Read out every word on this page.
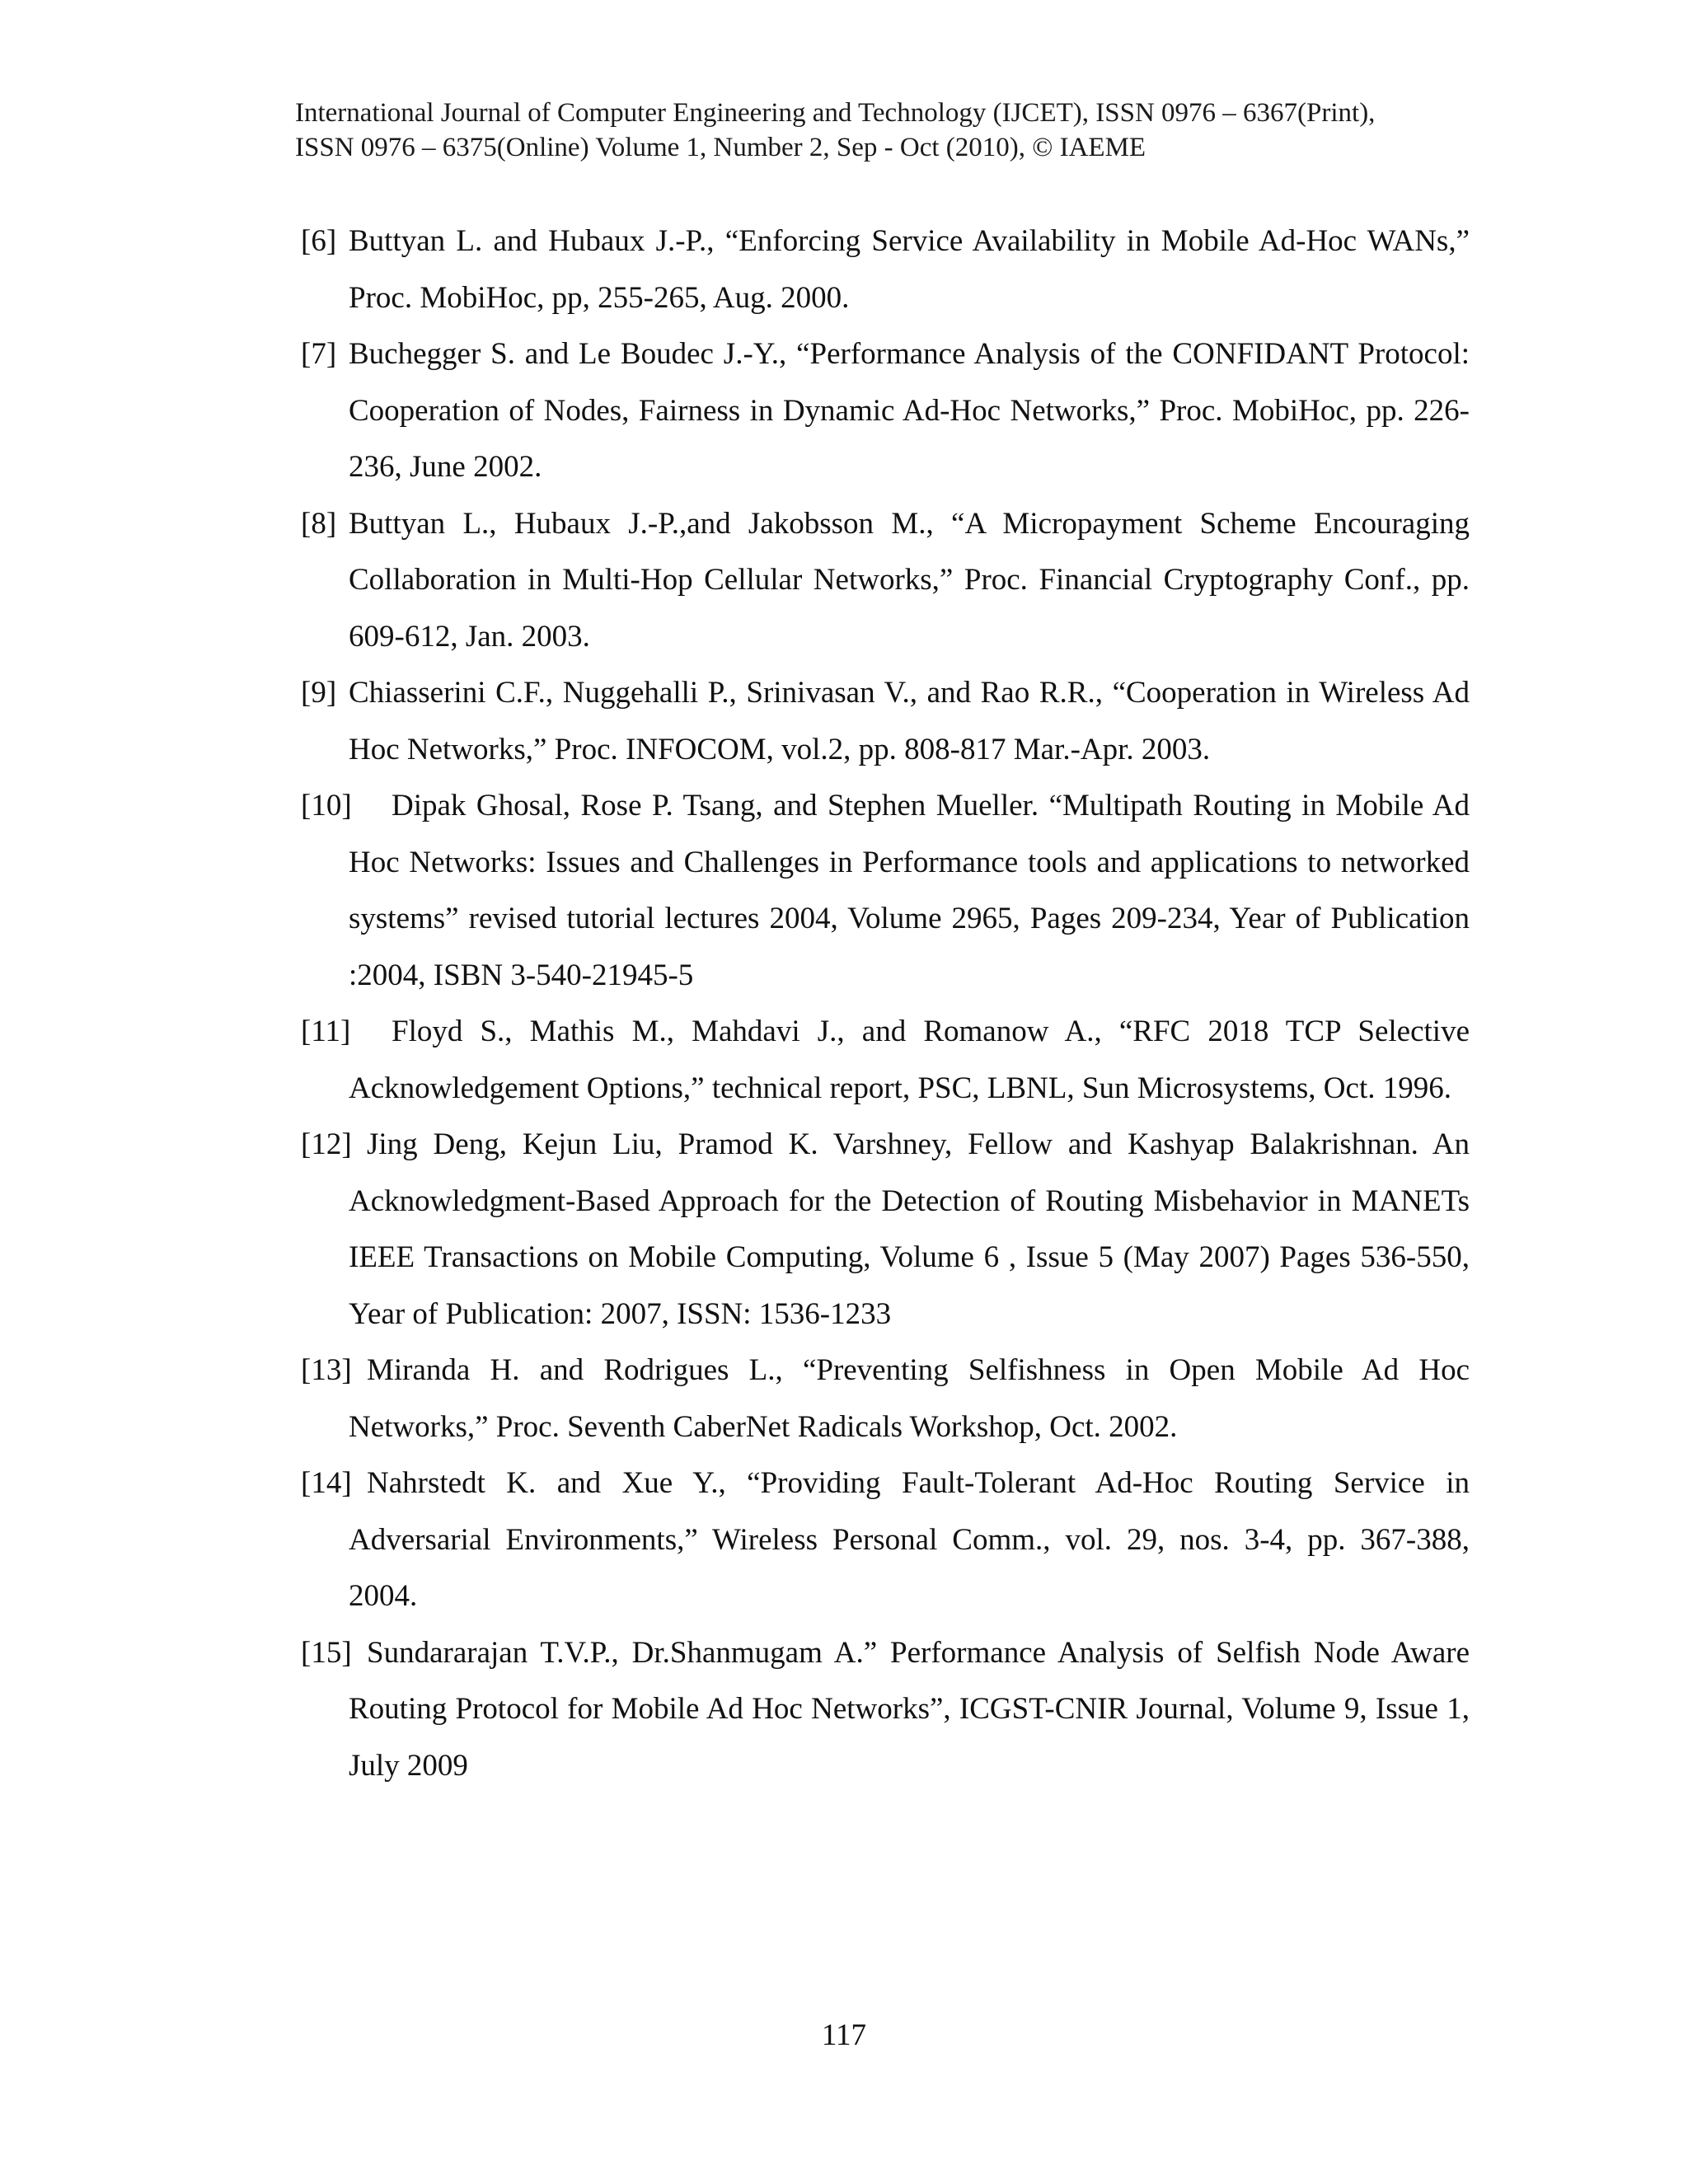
International Journal of Computer Engineering and Technology (IJCET), ISSN 0976 – 6367(Print),
ISSN 0976 – 6375(Online) Volume 1, Number 2, Sep - Oct (2010), © IAEME
[6] Buttyan L. and Hubaux J.-P., “Enforcing Service Availability in Mobile Ad-Hoc WANs,” Proc. MobiHoc, pp, 255-265, Aug. 2000.
[7] Buchegger S. and Le Boudec J.-Y., “Performance Analysis of the CONFIDANT Protocol: Cooperation of Nodes, Fairness in Dynamic Ad-Hoc Networks,” Proc. MobiHoc, pp. 226-236, June 2002.
[8] Buttyan L., Hubaux J.-P.,and Jakobsson M., “A Micropayment Scheme Encouraging Collaboration in Multi-Hop Cellular Networks,” Proc. Financial Cryptography Conf., pp. 609-612, Jan. 2003.
[9] Chiasserini C.F., Nuggehalli P., Srinivasan V., and Rao R.R., “Cooperation in Wireless Ad Hoc Networks,” Proc. INFOCOM, vol.2, pp. 808-817 Mar.-Apr. 2003.
[10]	Dipak Ghosal, Rose P. Tsang, and Stephen Mueller. “Multipath Routing in Mobile Ad Hoc Networks: Issues and Challenges in Performance tools and applications to networked systems” revised tutorial lectures 2004, Volume 2965, Pages 209-234, Year of Publication :2004, ISBN 3-540-21945-5
[11]	Floyd S., Mathis M., Mahdavi J., and Romanow A., “RFC 2018 TCP Selective Acknowledgement Options,” technical report, PSC, LBNL, Sun Microsystems, Oct. 1996.
[12] Jing Deng, Kejun Liu, Pramod K. Varshney, Fellow and Kashyap Balakrishnan. An Acknowledgment-Based Approach for the Detection of Routing Misbehavior in MANETs IEEE Transactions on Mobile Computing, Volume 6 , Issue 5 (May 2007) Pages 536-550, Year of Publication: 2007, ISSN: 1536-1233
[13] Miranda H. and Rodrigues L., “Preventing Selfishness in Open Mobile Ad Hoc Networks,” Proc. Seventh CaberNet Radicals Workshop, Oct. 2002.
[14] Nahrstedt K. and Xue Y., “Providing Fault-Tolerant Ad-Hoc Routing Service in Adversarial Environments,” Wireless Personal Comm., vol. 29, nos. 3-4, pp. 367-388, 2004.
[15] Sundararajan T.V.P., Dr.Shanmugam A.” Performance Analysis of Selfish Node Aware Routing Protocol for Mobile Ad Hoc Networks”, ICGST-CNIR Journal, Volume 9, Issue 1, July 2009
117
